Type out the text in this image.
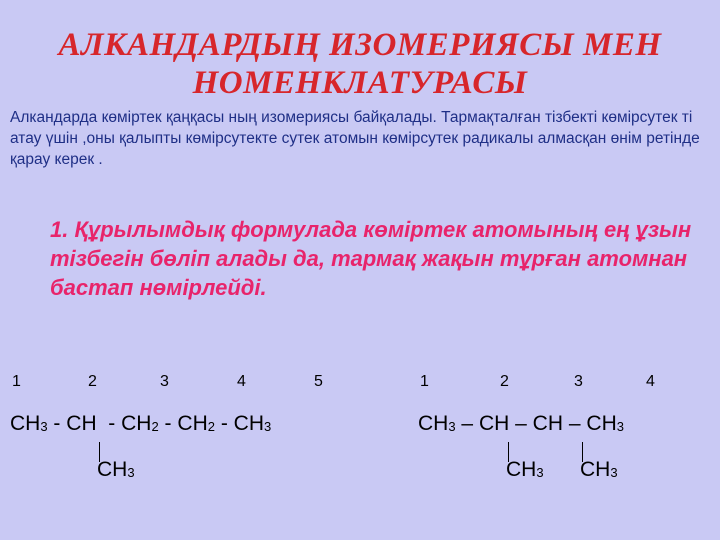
АЛКАНДАРДЫҢ ИЗОМЕРИЯСЫ МЕН
НОМЕНКЛАТУРАСЫ
Алкандарда көміртек қаңқасы ның изомериясы байқалады. Тармақталған тізбекті көмірсутек ті атау үшін ,оны қалыпты көмірсутекте сутек атомын көмірсутек радикалы алмасқан өнім ретінде қарау керек .
1. Құрылымдық формулада көміртек атомының ең ұзын тізбегін бөліп алады да, тармақ жақын тұрған атомнан бастап нөмірлейді.
1	2	3	4	5
$CH_3$ - CH - $CH_2 - CH_2 - CH_3$
$CH_3$
1	2	3	4
$CH_3$ – CH – CH – $CH_3$
$CH_3$ $CH_3$
